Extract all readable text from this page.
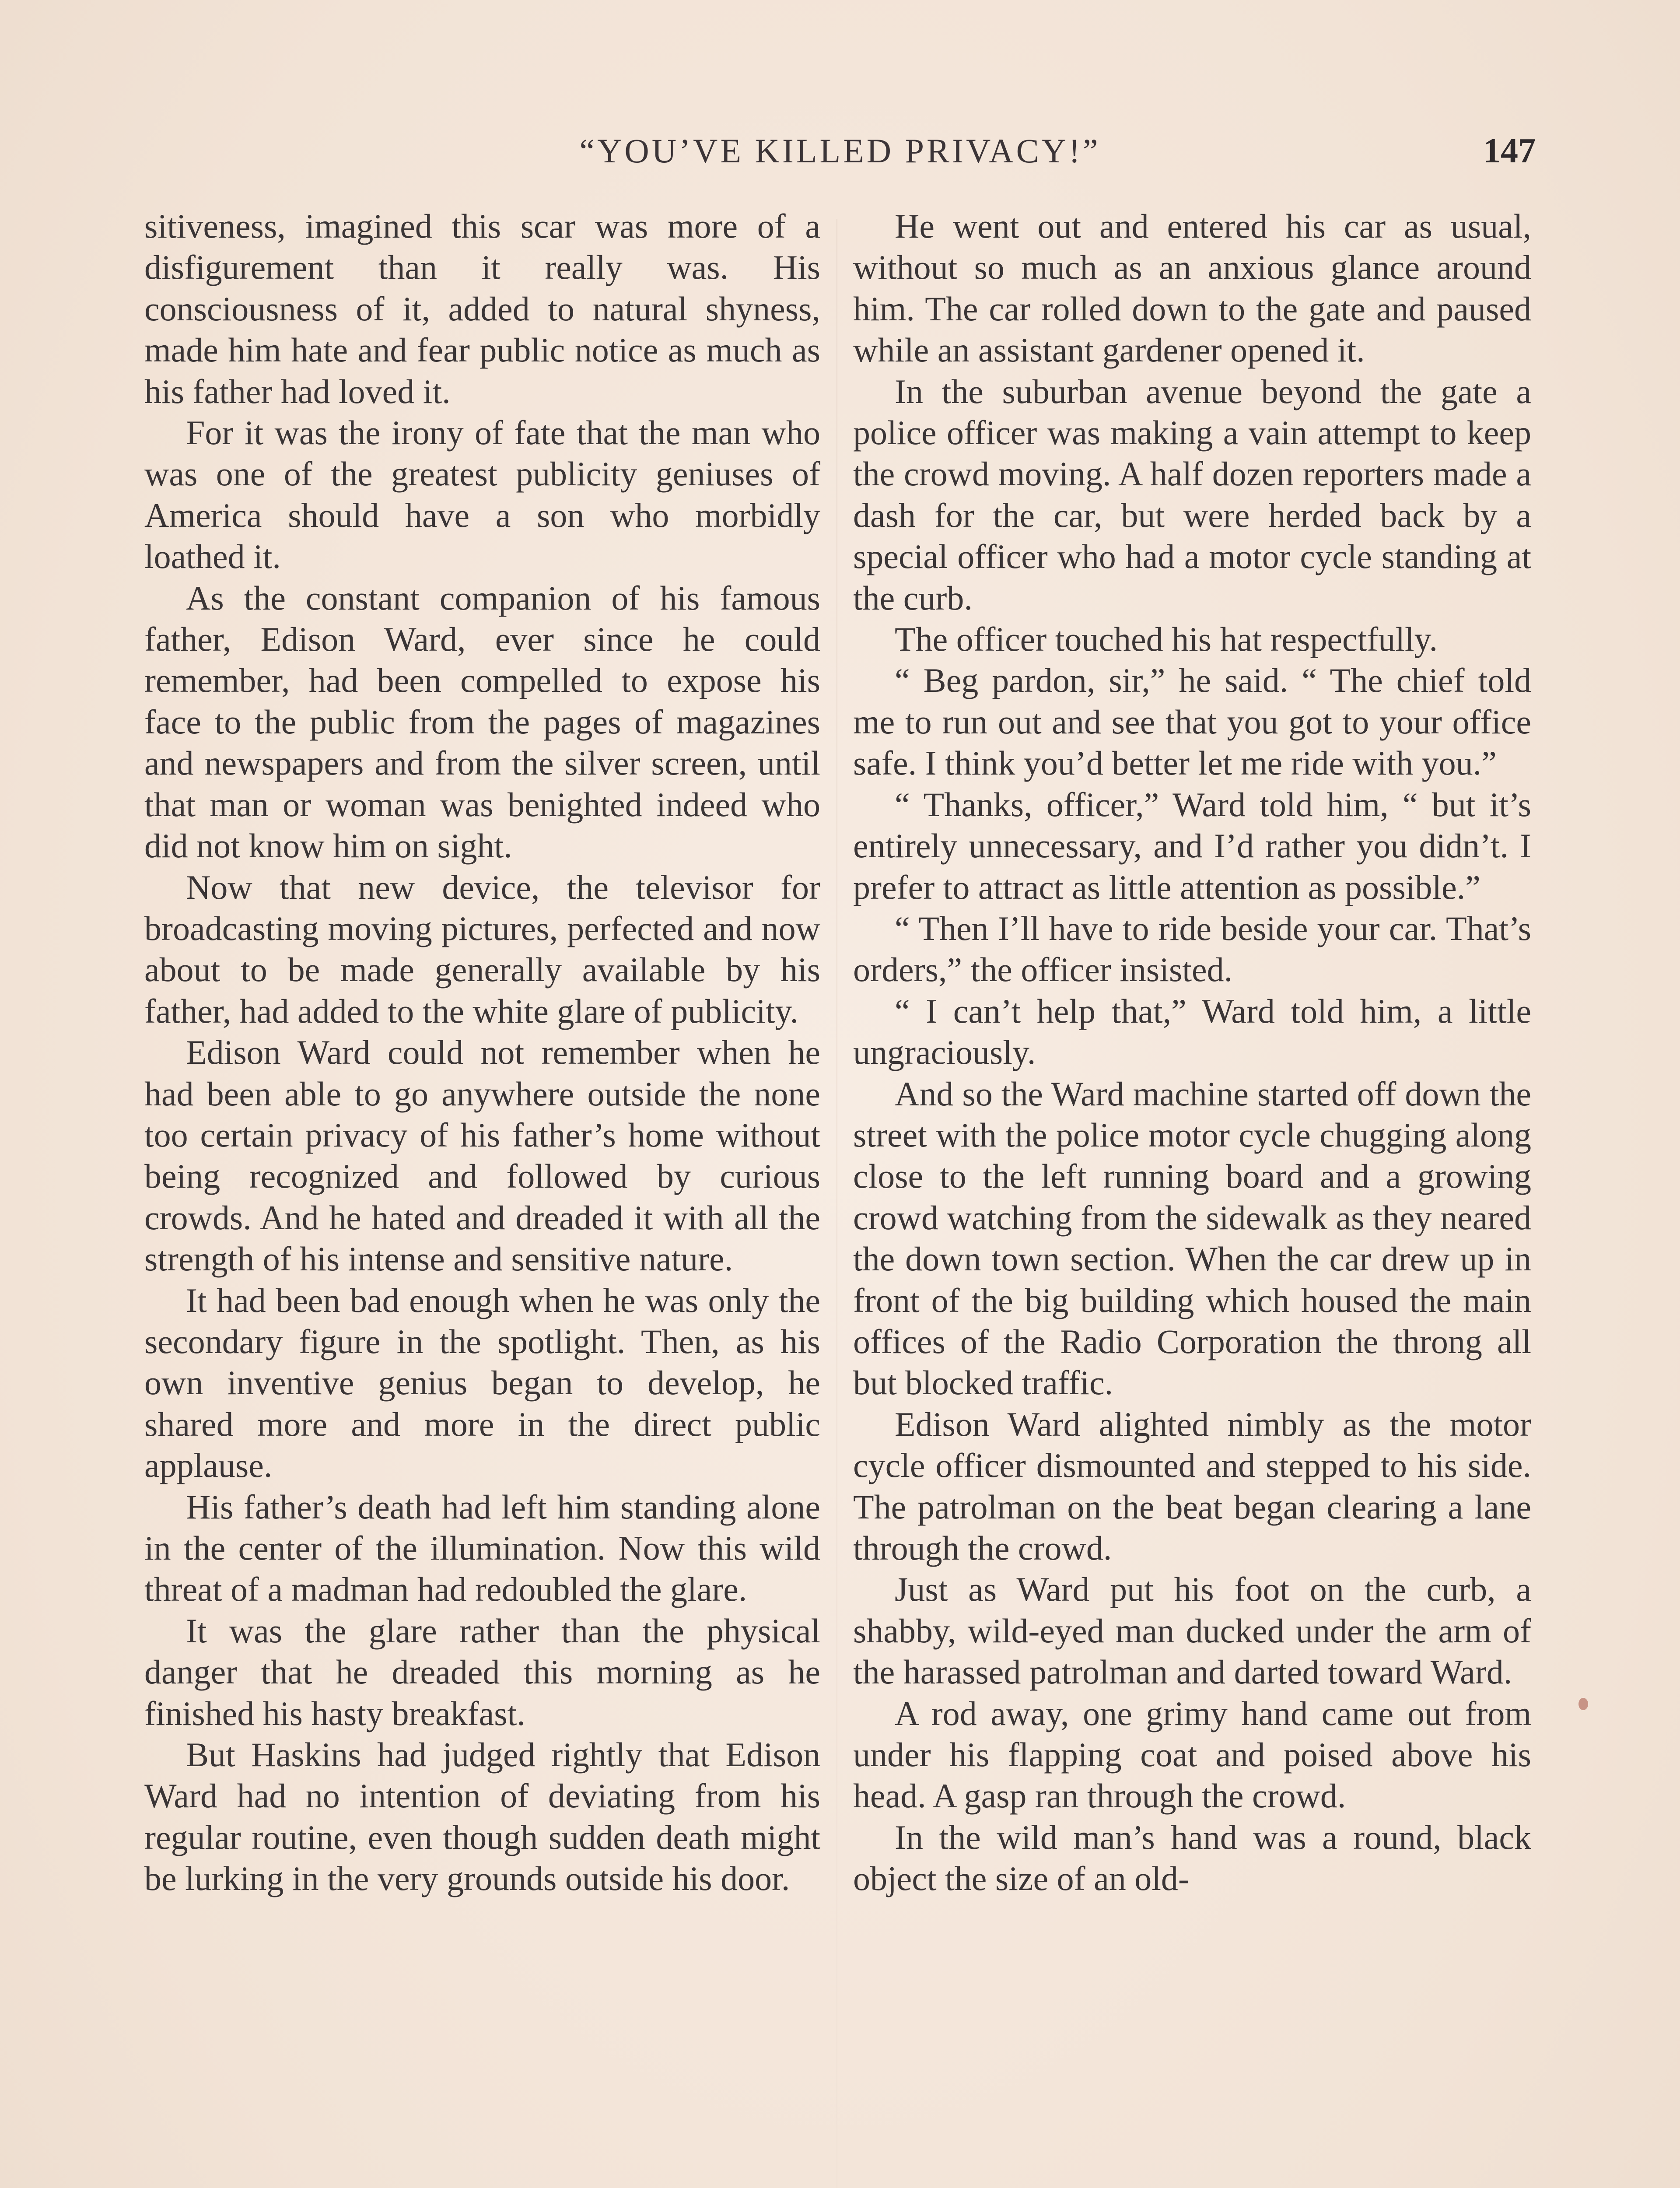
“YOU’VE KILLED PRIVACY!”	147

sitiveness, imagined this scar was more of a disfigurement than it really was. His consciousness of it, added to natural shyness, made him hate and fear public notice as much as his father had loved it.

For it was the irony of fate that the man who was one of the greatest publicity geniuses of America should have a son who morbidly loathed it.

As the constant companion of his famous father, Edison Ward, ever since he could remember, had been compelled to expose his face to the public from the pages of magazines and newspapers and from the silver screen, until that man or woman was benighted indeed who did not know him on sight.

Now that new device, the televisor for broadcasting moving pictures, perfected and now about to be made generally available by his father, had added to the white glare of publicity.

Edison Ward could not remember when he had been able to go anywhere outside the none too certain privacy of his father’s home without being recognized and followed by curious crowds. And he hated and dreaded it with all the strength of his intense and sensitive nature.

It had been bad enough when he was only the secondary figure in the spotlight. Then, as his own inventive genius began to develop, he shared more and more in the direct public applause.

His father’s death had left him standing alone in the center of the illumination. Now this wild threat of a madman had redoubled the glare.

It was the glare rather than the physical danger that he dreaded this morning as he finished his hasty breakfast.

But Haskins had judged rightly that Edison Ward had no intention of deviating from his regular routine, even though sudden death might be lurking in the very grounds outside his door.

He went out and entered his car as usual, without so much as an anxious glance around him. The car rolled down to the gate and paused while an assistant gardener opened it.

In the suburban avenue beyond the gate a police officer was making a vain attempt to keep the crowd moving. A half dozen reporters made a dash for the car, but were herded back by a special officer who had a motor cycle standing at the curb.

The officer touched his hat respectfully.

“ Beg pardon, sir,” he said. “ The chief told me to run out and see that you got to your office safe. I think you’d better let me ride with you.”

“ Thanks, officer,” Ward told him, “ but it’s entirely unnecessary, and I’d rather you didn’t. I prefer to attract as little attention as possible.”

“ Then I’ll have to ride beside your car. That’s orders,” the officer insisted.

“ I can’t help that,” Ward told him, a little ungraciously.

And so the Ward machine started off down the street with the police motor cycle chugging along close to the left running board and a growing crowd watching from the sidewalk as they neared the down town section. When the car drew up in front of the big building which housed the main offices of the Radio Corporation the throng all but blocked traffic.

Edison Ward alighted nimbly as the motor cycle officer dismounted and stepped to his side. The patrolman on the beat began clearing a lane through the crowd.

Just as Ward put his foot on the curb, a shabby, wild-eyed man ducked under the arm of the harassed patrolman and darted toward Ward.

A rod away, one grimy hand came out from under his flapping coat and poised above his head. A gasp ran through the crowd.

In the wild man’s hand was a round, black object the size of an old-
